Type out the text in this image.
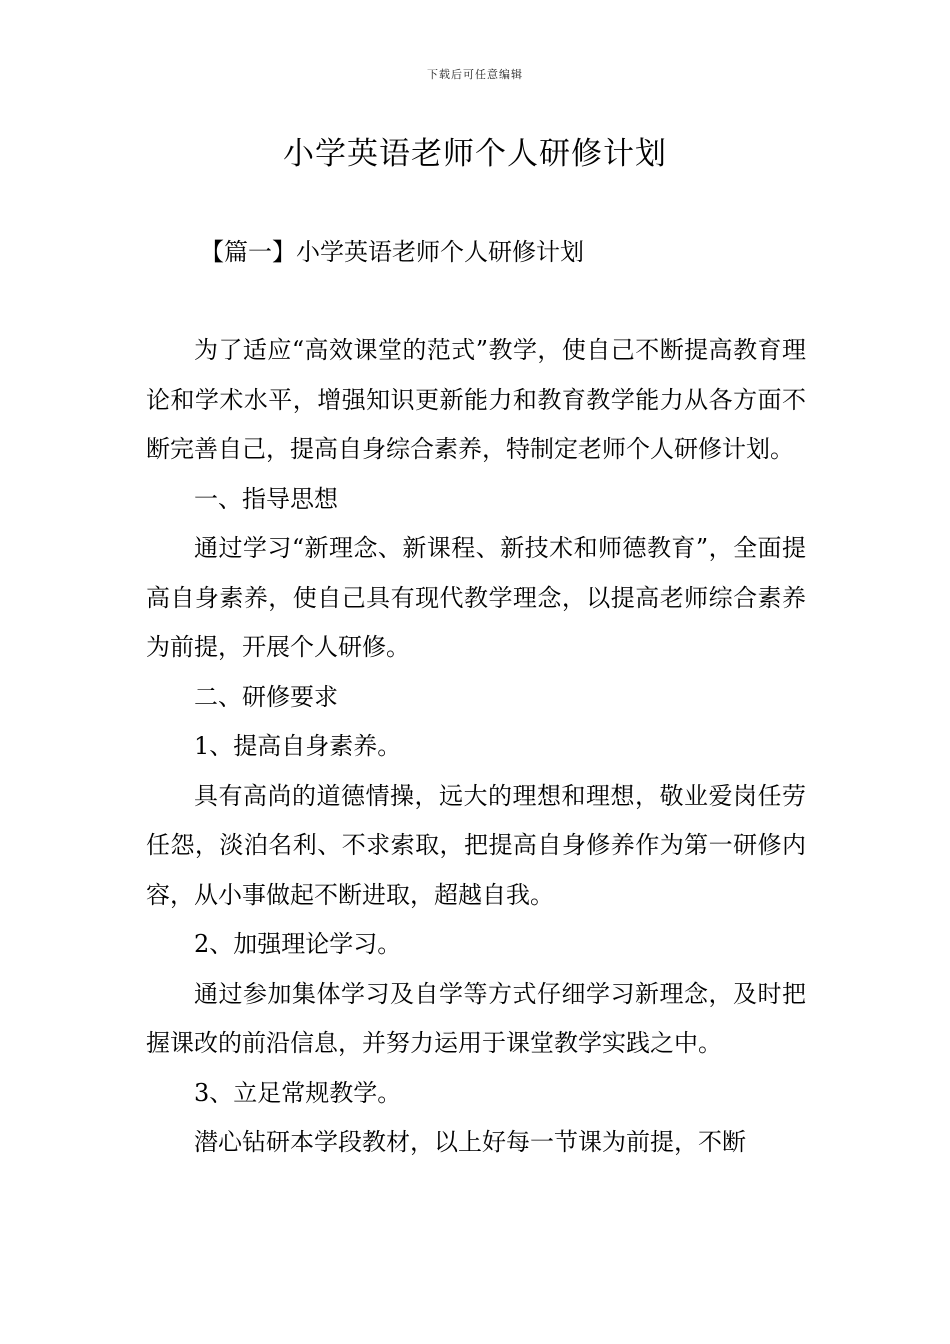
下载后可任意编辑
小学英语老师个人研修计划
【篇一】小学英语老师个人研修计划

为了适应“高效课堂的范式”教学，使自己不断提高教育理论和学术水平，增强知识更新能力和教育教学能力从各方面不断完善自己，提高自身综合素养，特制定老师个人研修计划。

一、指导思想

通过学习“新理念、新课程、新技术和师德教育”，全面提高自身素养，使自己具有现代教学理念，以提高老师综合素养为前提，开展个人研修。

二、研修要求

1、提高自身素养。

具有高尚的道德情操，远大的理想和理想，敬业爱岗任劳任怨，淡泊名利、不求索取，把提高自身修养作为第一研修内容，从小事做起不断进取，超越自我。

2、加强理论学习。

通过参加集体学习及自学等方式仔细学习新理念，及时把握课改的前沿信息，并努力运用于课堂教学实践之中。

3、立足常规教学。

潜心钻研本学段教材，以上好每一节课为前提，不断
